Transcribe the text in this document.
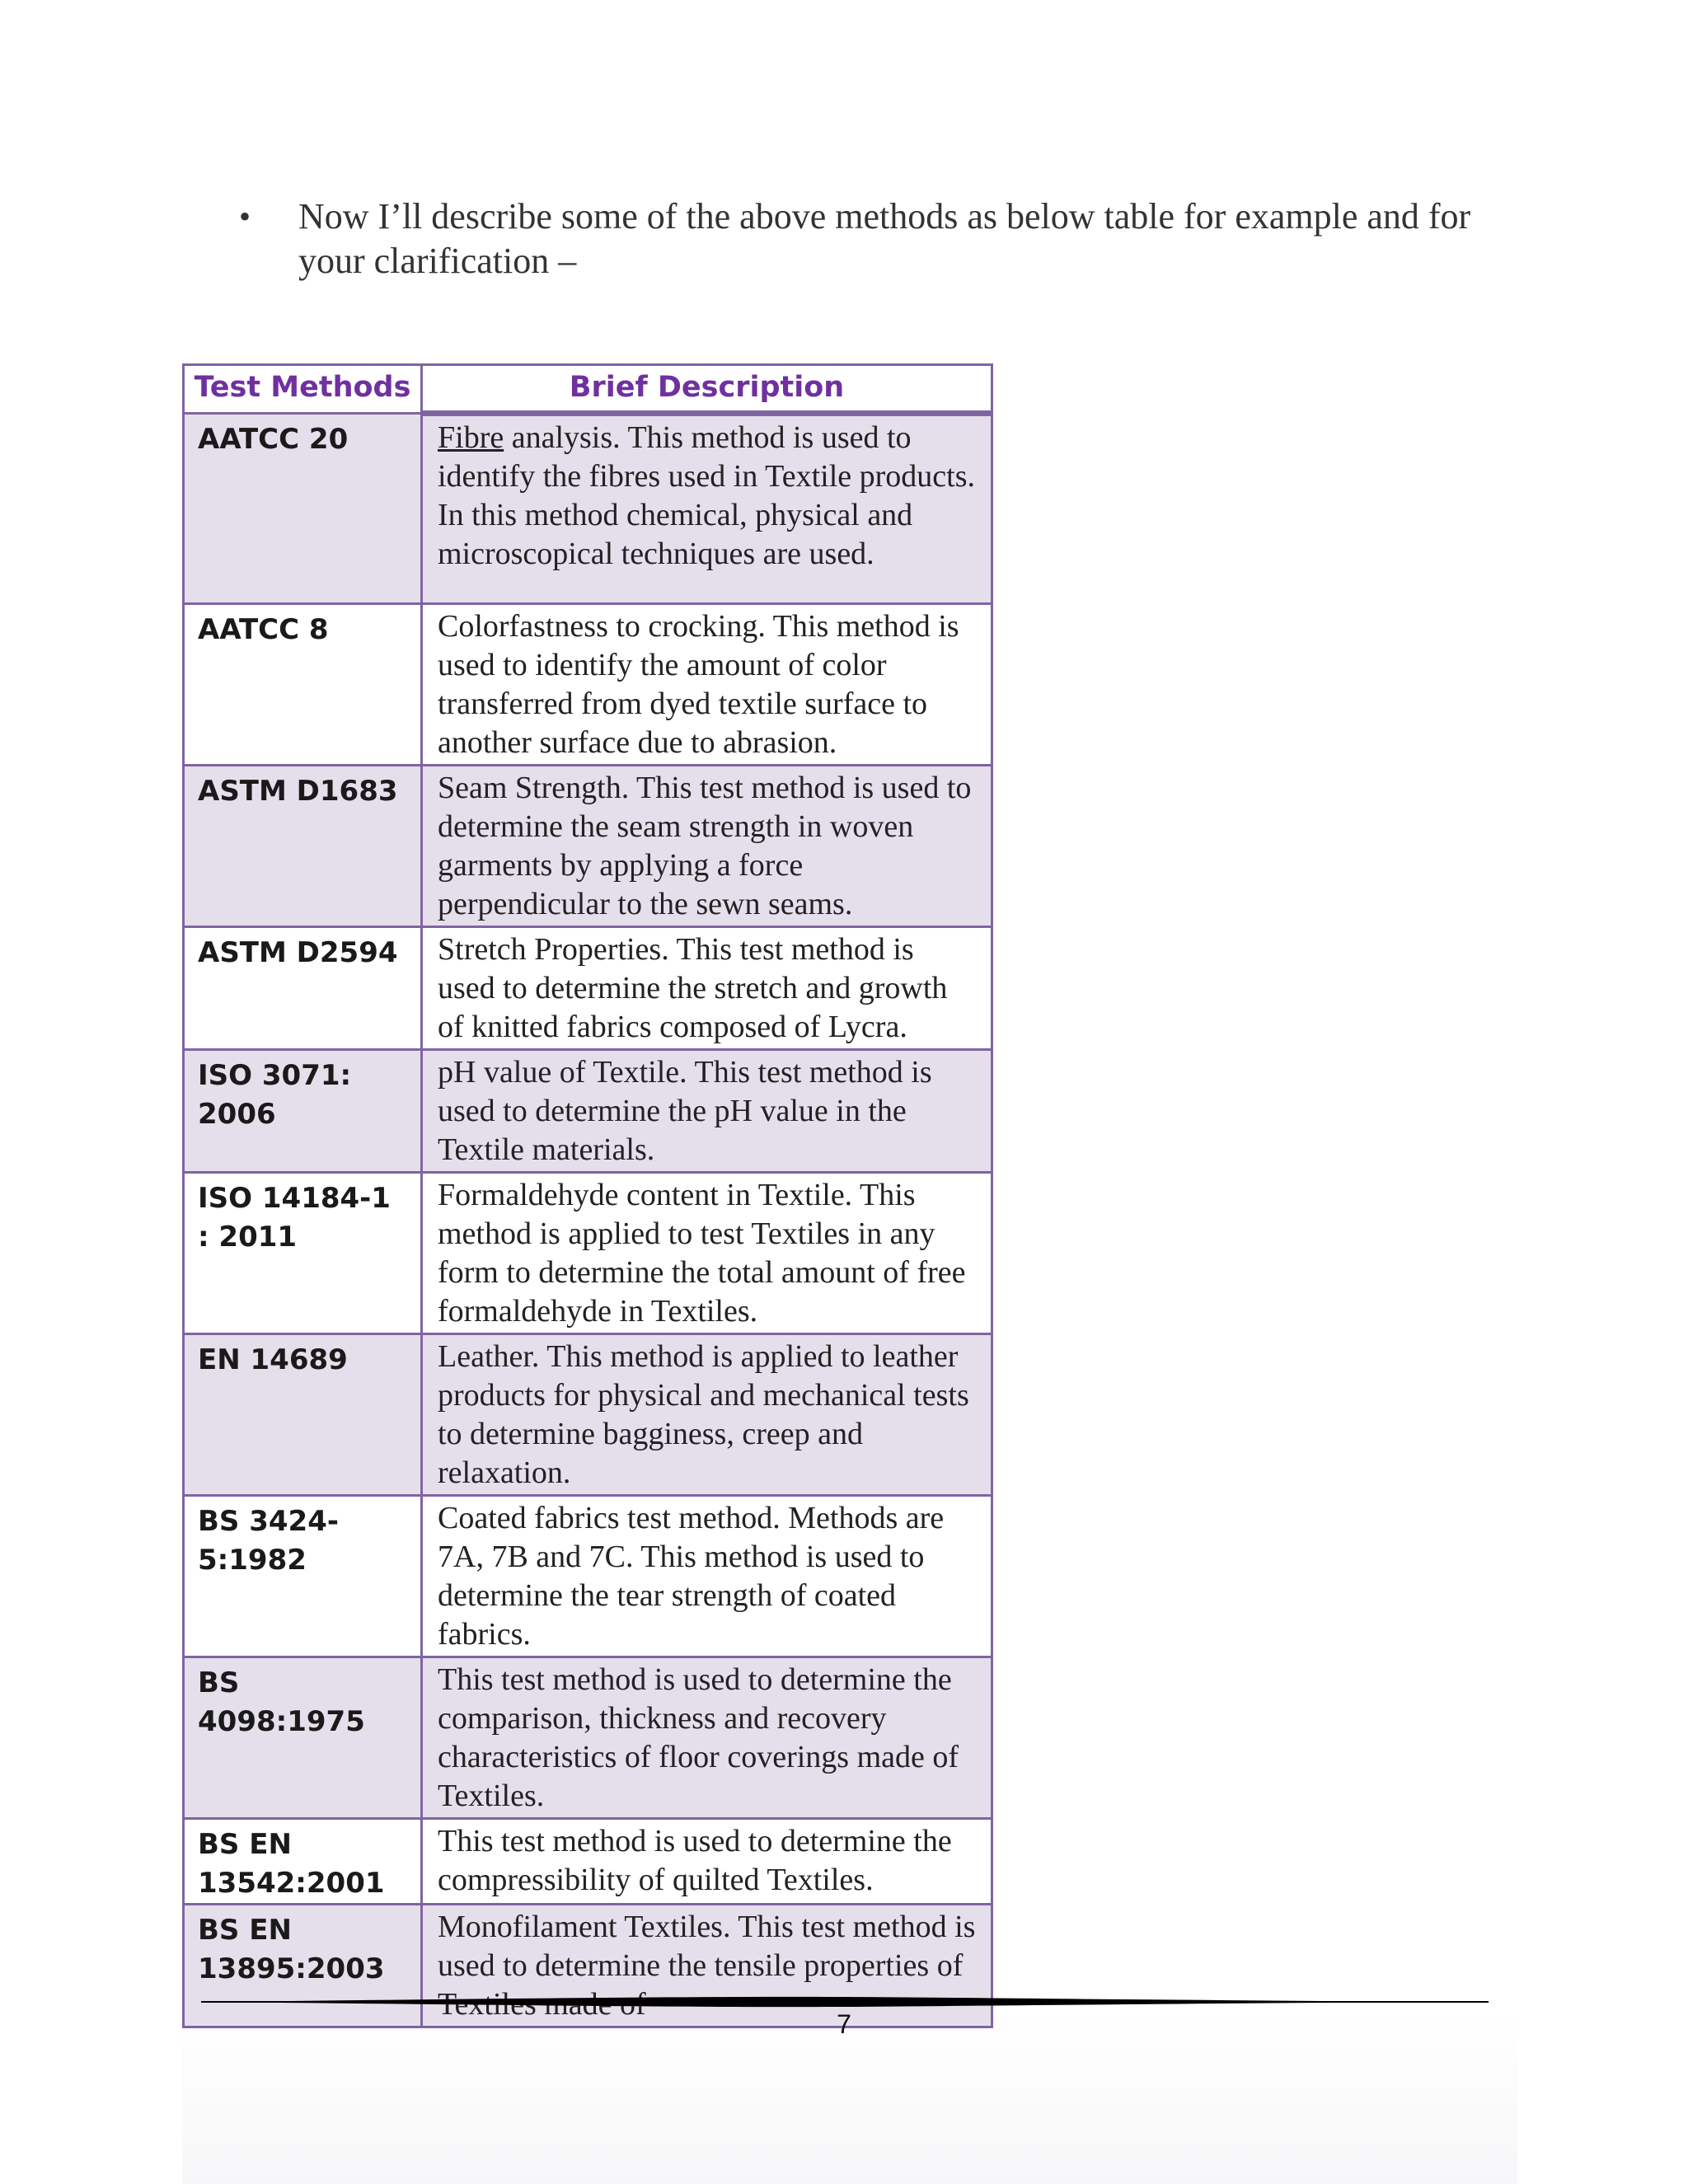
• Now I’ll describe some of the above methods as below table for example and for your clarification –
Test Methods	Brief Description
AATCC 20	Fibre analysis. This method is used to identify the fibres used in Textile products. In this method chemical, physical and microscopical techniques are used.
AATCC 8	Colorfastness to crocking. This method is used to identify the amount of color transferred from dyed textile surface to another surface due to abrasion.
ASTM D1683	Seam Strength. This test method is used to determine the seam strength in woven garments by applying a force perpendicular to the sewn seams.
ASTM D2594	Stretch Properties. This test method is used to determine the stretch and growth of knitted fabrics composed of Lycra.
ISO 3071: 2006	pH value of Textile. This test method is used to determine the pH value in the Textile materials.
ISO 14184-1 : 2011	Formaldehyde content in Textile. This method is applied to test Textiles in any form to determine the total amount of free formaldehyde in Textiles.
EN 14689	Leather. This method is applied to leather products for physical and mechanical tests to determine bagginess, creep and relaxation.
BS 3424-5:1982	Coated fabrics test method. Methods are 7A, 7B and 7C. This method is used to determine the tear strength of coated fabrics.
BS 4098:1975	This test method is used to determine the comparison, thickness and recovery characteristics of floor coverings made of Textiles.
BS EN 13542:2001	This test method is used to determine the compressibility of quilted Textiles.
BS EN 13895:2003	Monofilament Textiles. This test method is used to determine the tensile properties of
7
